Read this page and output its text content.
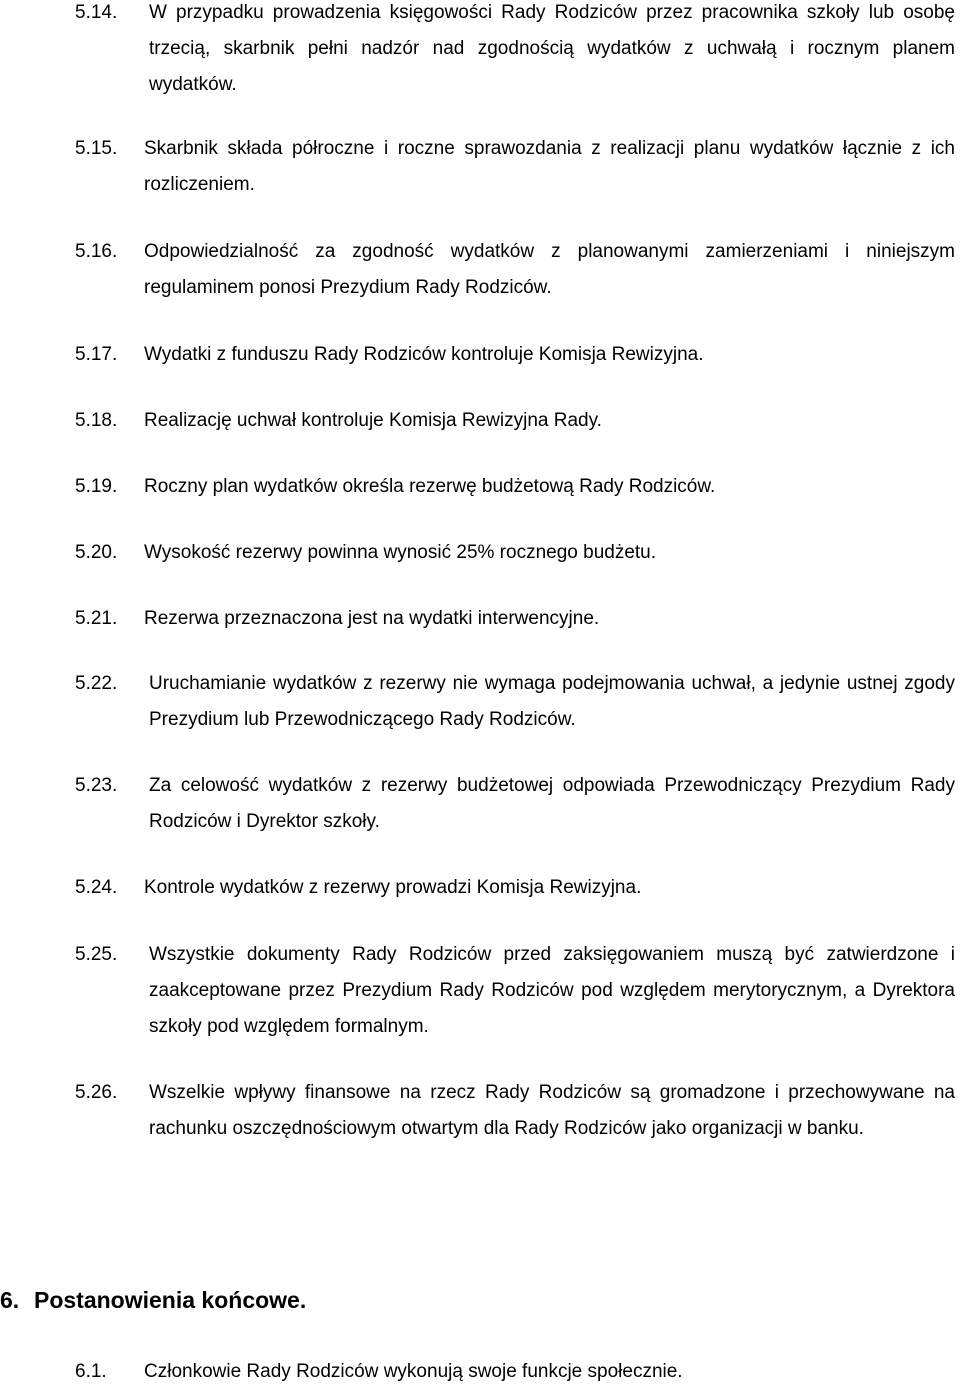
5.14. W przypadku prowadzenia księgowości Rady Rodziców przez pracownika szkoły lub osobę trzecią, skarbnik pełni nadzór nad zgodnością wydatków z uchwałą i rocznym planem wydatków.
5.15. Skarbnik składa półroczne i roczne sprawozdania z realizacji planu wydatków łącznie z ich rozliczeniem.
5.16. Odpowiedzialność za zgodność wydatków z planowanymi zamierzeniami i niniejszym regulaminem ponosi Prezydium Rady Rodziców.
5.17. Wydatki z funduszu Rady Rodziców kontroluje Komisja Rewizyjna.
5.18. Realizację uchwał kontroluje Komisja Rewizyjna Rady.
5.19. Roczny plan wydatków określa rezerwę budżetową Rady Rodziców.
5.20. Wysokość rezerwy powinna wynosić 25% rocznego budżetu.
5.21. Rezerwa przeznaczona jest na wydatki interwencyjne.
5.22. Uruchamianie wydatków z rezerwy nie wymaga podejmowania uchwał, a jedynie ustnej zgody Prezydium lub Przewodniczącego Rady Rodziców.
5.23. Za celowość wydatków z rezerwy budżetowej odpowiada Przewodniczący Prezydium Rady Rodziców i Dyrektor szkoły.
5.24. Kontrole wydatków z rezerwy prowadzi Komisja Rewizyjna.
5.25. Wszystkie dokumenty Rady Rodziców przed zaksięgowaniem muszą być zatwierdzone i zaakceptowane przez Prezydium Rady Rodziców pod względem merytorycznym, a Dyrektora szkoły pod względem formalnym.
5.26. Wszelkie wpływy finansowe na rzecz Rady Rodziców są gromadzone i przechowywane na rachunku oszczędnościowym otwartym dla Rady Rodziców jako organizacji w banku.
6. Postanowienia końcowe.
6.1. Członkowie Rady Rodziców wykonują swoje funkcje społecznie.
